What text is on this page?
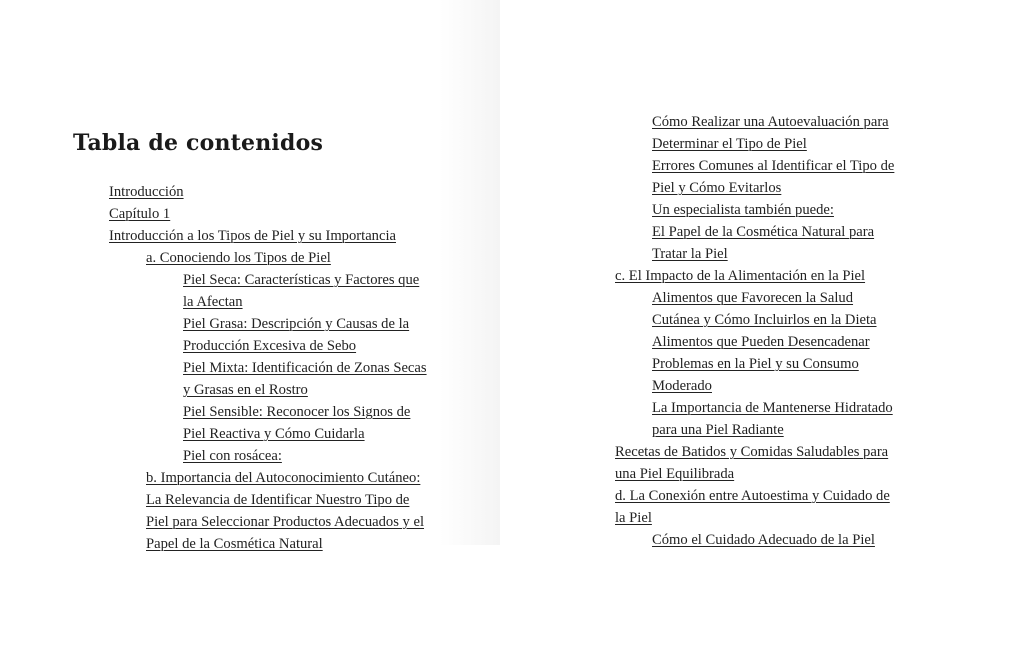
Tabla de contenidos
Introducción
Capítulo 1
Introducción a los Tipos de Piel y su Importancia
a. Conociendo los Tipos de Piel
Piel Seca: Características y Factores que
la Afectan
Piel Grasa: Descripción y Causas de la
Producción Excesiva de Sebo
Piel Mixta: Identificación de Zonas Secas
y Grasas en el Rostro
Piel Sensible: Reconocer los Signos de
Piel Reactiva y Cómo Cuidarla
Piel con rosácea:
b. Importancia del Autoconocimiento Cutáneo:
La Relevancia de Identificar Nuestro Tipo de
Piel para Seleccionar Productos Adecuados y el
Papel de la Cosmética Natural
Cómo Realizar una Autoevaluación para
Determinar el Tipo de Piel
Errores Comunes al Identificar el Tipo de
Piel y Cómo Evitarlos
Un especialista también puede:
El Papel de la Cosmética Natural para
Tratar la Piel
c. El Impacto de la Alimentación en la Piel
Alimentos que Favorecen la Salud
Cutánea y Cómo Incluirlos en la Dieta
Alimentos que Pueden Desencadenar
Problemas en la Piel y su Consumo
Moderado
La Importancia de Mantenerse Hidratado
para una Piel Radiante
Recetas de Batidos y Comidas Saludables para
una Piel Equilibrada
d. La Conexión entre Autoestima y Cuidado de
la Piel
Cómo el Cuidado Adecuado de la Piel
